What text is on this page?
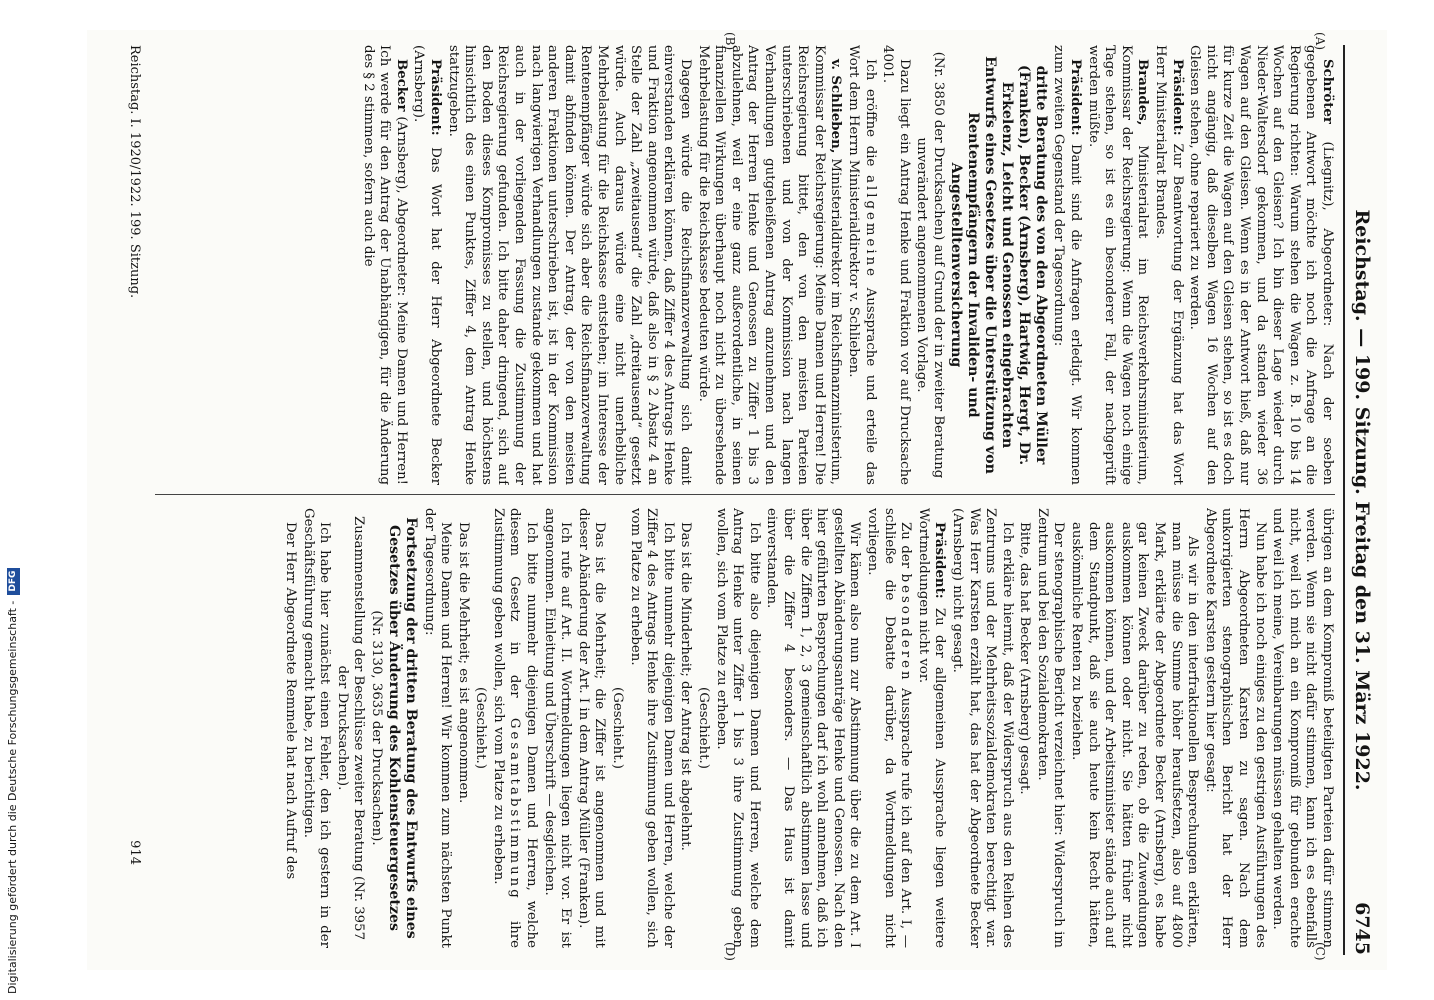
Reichstag. — 199. Sitzung. Freitag den 31. März 1922.
6745
(A)
(B)
(C)
(D)

Schröter (Liegnitz), Abgeordneter: Nach der soeben gegebenen Antwort möchte ich noch die Anfrage an die Regierung richten: Warum stehen die Wagen z. B. 10 bis 14 Wochen auf den Gleisen? Ich bin dieser Lage wieder durch Nieder-Waltersdorf gekommen, und da standen wieder 36 Wagen auf den Gleisen. Wenn es in der Antwort hieß, daß nur für kurze Zeit die Wagen auf den Gleisen stehen, so ist es doch nicht angängig, daß dieselben Wagen 16 Wochen auf den Gleisen stehen, ohne repariert zu werden.

Präsident: Zur Beantwortung der Ergänzung hat das Wort Herr Ministerialrat Brandes.

Brandes, Ministerialrat im Reichsverkehrsministerium, Kommissar der Reichsregierung: Wenn die Wagen noch einige Tage stehen, so ist es ein besonderer Fall, der nachgeprüft werden müßte.

Präsident: Damit sind die Anfragen erledigt. Wir kommen zum zweiten Gegenstand der Tagesordnung:

dritte Beratung des von den Abgeordneten Müller (Franken), Becker (Arnsberg), Hartwig, Hergt, Dr. Erkelenz, Leicht und Genossen eingebrachten Entwurfs eines Gesetzes über die Unterstützung von Rentenempfängern der Invaliden- und Angestelltenversicherung

(Nr. 3850 der Drucksachen) auf Grund der in zweiter Beratung unverändert angenommenen Vorlage.

Dazu liegt ein Antrag Henke und Fraktion vor auf Drucksache 4001.

Ich eröffne die allgemeine Aussprache und erteile das Wort dem Herrn Ministerialdirektor v. Schlieben.

v. Schlieben, Ministerialdirektor im Reichsfinanzministerium, Kommissar der Reichsregierung: Meine Damen und Herren! Die Reichsregierung bittet, den von den meisten Parteien unterschriebenen und von der Kommission nach langen Verhandlungen gutgeheißenen Antrag anzunehmen und den Antrag der Herren Henke und Genossen zu Ziffer 1 bis 3 abzulehnen, weil er eine ganz außerordentliche, in seinen finanziellen Wirkungen überhaupt noch nicht zu übersehende Mehrbelastung für die Reichskasse bedeuten würde.

Dagegen würde die Reichsfinanzverwaltung sich damit einverstanden erklären können, daß Ziffer 4 des Antrags Henke und Fraktion angenommen würde, daß also in § 2 Absatz 4 an Stelle der Zahl „zweitausend“ die Zahl „dreitausend“ gesetzt würde. Auch daraus würde eine nicht unerhebliche Mehrbelastung für die Reichskasse entstehen; im Interesse der Rentenempfänger würde sich aber die Reichsfinanzverwaltung damit abfinden können. Der Antrag, der von den meisten anderen Fraktionen unterschrieben ist, ist in der Kommission nach langwierigen Verhandlungen zustande gekommen und hat auch in der vorliegenden Fassung die Zustimmung der Reichsregierung gefunden. Ich bitte daher dringend, sich auf den Boden dieses Kompromisses zu stellen, und höchstens hinsichtlich des einen Punktes, Ziffer 4, dem Antrag Henke stattzugeben.

Präsident: Das Wort hat der Herr Abgeordnete Becker (Arnsberg).

Becker (Arnsberg), Abgeordneter: Meine Damen und Herren! Ich werde für den Antrag der Unabhängigen, für die Änderung des § 2 stimmen, sofern auch die

übrigen an dem Kompromiß beteiligten Parteien dafür stimmen werden. Wenn sie nicht dafür stimmen, kann ich es ebenfalls nicht, weil ich mich an ein Kompromiß für gebunden erachte und weil ich meine, Vereinbarungen müssen gehalten werden.

Nun habe ich noch einiges zu den gestrigen Ausführungen des Herrn Abgeordneten Karsten zu sagen. Nach dem unkorrigierten stenographischen Bericht hat der Herr Abgeordnete Karsten gestern hier gesagt:

Als wir in den interfraktionellen Besprechungen erklärten, man müsse die Summe höher heraufsetzen, also auf 4800 Mark, erklärte der Abgeordnete Becker (Arnsberg), es habe gar keinen Zweck darüber zu reden, ob die Zuwendungen auskommen können oder nicht. Sie hätten früher nicht auskommen können, und der Arbeitsminister stände auch auf dem Standpunkt, daß sie auch heute kein Recht hätten, auskömmliche Renten zu beziehen.

Der stenographische Bericht verzeichnet hier: Widerspruch im Zentrum und bei den Sozialdemokraten.

Bitte, das hat Becker (Arnsberg) gesagt.

Ich erkläre hiermit, daß der Widerspruch aus den Reihen des Zentrums und der Mehrheitssozialdemokraten berechtigt war. Was Herr Karsten erzählt hat, das hat der Abgeordnete Becker (Arnsberg) nicht gesagt.

Präsident: Zu der allgemeinen Aussprache liegen weitere Wortmeldungen nicht vor.

Zu der besonderen Aussprache rufe ich auf den Art. I, — schließe die Debatte darüber, da Wortmeldungen nicht vorliegen.

Wir kämen also nun zur Abstimmung über die zu dem Art. I gestellten Abänderungsanträge Henke und Genossen. Nach den hier geführten Besprechungen darf ich wohl annehmen, daß ich über die Ziffern 1, 2, 3 gemeinschaftlich abstimmen lasse und über die Ziffer 4 besonders. — Das Haus ist damit einverstanden.

Ich bitte also diejenigen Damen und Herren, welche dem Antrag Henke unter Ziffer 1 bis 3 ihre Zustimmung geben wollen, sich vom Platze zu erheben.

(Geschieht.)

Das ist die Minderheit; der Antrag ist abgelehnt.

Ich bitte nunmehr diejenigen Damen und Herren, welche der Ziffer 4 des Antrags Henke ihre Zustimmung geben wollen, sich vom Platze zu erheben.

(Geschieht.)

Das ist die Mehrheit; die Ziffer ist angenommen und mit dieser Abänderung der Art. I in dem Antrag Müller (Franken).

Ich rufe auf Art. II. Wortmeldungen liegen nicht vor. Er ist angenommen. Einleitung und Überschrift — desgleichen.

Ich bitte nunmehr diejenigen Damen und Herren, welche diesem Gesetz in der Gesamtabstimmung ihre Zustimmung geben wollen, sich vom Platze zu erheben.

(Geschieht.)

Das ist die Mehrheit; es ist angenommen.

Meine Damen und Herren! Wir kommen zum nächsten Punkt der Tagesordnung:

Fortsetzung der dritten Beratung des Entwurfs eines Gesetzes über Änderung des Kohlensteuergesetzes

(Nr. 3130, 3635 der Drucksachen).

Zusammenstellung der Beschlüsse zweiter Beratung (Nr. 3957 der Drucksachen).

Ich habe hier zunächst einen Fehler, den ich gestern in der Geschäftsführung gemacht habe, zu berichtigen.

Der Herr Abgeordnete Remmele hat nach Aufruf des

Reichstag. I. 1920/1922. 199. Sitzung.
914
Digitalisierung gefördert durch die Deutsche Forschungsgemeinschaft -DFG
